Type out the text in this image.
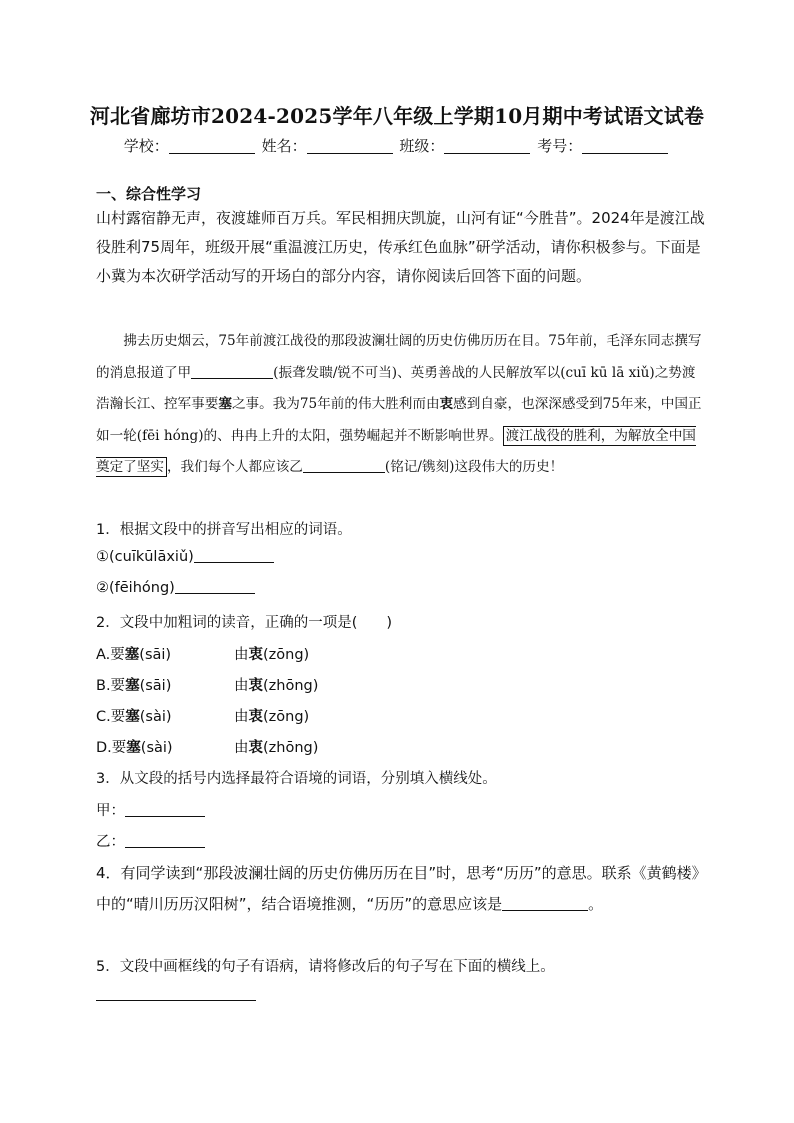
河北省廊坊市2024-2025学年八年级上学期10月期中考试语文试卷
学校：	姓名：	班级：	考号：
一、综合性学习
山村露宿静无声，夜渡雄师百万兵。军民相拥庆凯旋，山河有证“今胜昔”。2024年是渡江战役胜利75周年，班级开展“重温渡江历史，传承红色血脉”研学活动，请你积极参与。下面是小冀为本次研学活动写的开场白的部分内容，请你阅读后回答下面的问题。

拂去历史烟云，75年前渡江战役的那段波澜壮阔的历史仿佛历历在目。75年前，毛泽东同志撰写的消息报道了甲	(振聋发聩/锐不可当)、英勇善战的人民解放军以(cuī kū lā xiǔ)之势渡浩瀚长江、控军事要塞之事。我为75年前的伟大胜利而由衷感到自豪，也深深感受到75年来，中国正如一轮(fēi hóng)的、冉冉上升的太阳，强势崛起并不断影响世界。 渡江战役的胜利，为解放全中国奠定了坚实 ，我们每个人都应该乙	(铭记/镌刻)这段伟大的历史！

1．根据文段中的拼音写出相应的词语。
①(cuīkūlāxiǔ)
②(fēihóng)
2．文段中加粗词的读音，正确的一项是(　　)
A.要塞(sāi)	由衷(zōng)
B.要塞(sāi)	由衷(zhōng)
C.要塞(sài)	由衷(zōng)
D.要塞(sài)	由衷(zhōng)
3．从文段的括号内选择最符合语境的词语，分别填入横线处。
甲：
乙：
4．有同学读到“那段波澜壮阔的历史仿佛历历在目”时，思考“历历”的意思。联系《黄鹤楼》中的“晴川历历汉阳树”，结合语境推测，“历历”的意思应该是	。
5．文段中画框线的句子有语病，请将修改后的句子写在下面的横线上。
